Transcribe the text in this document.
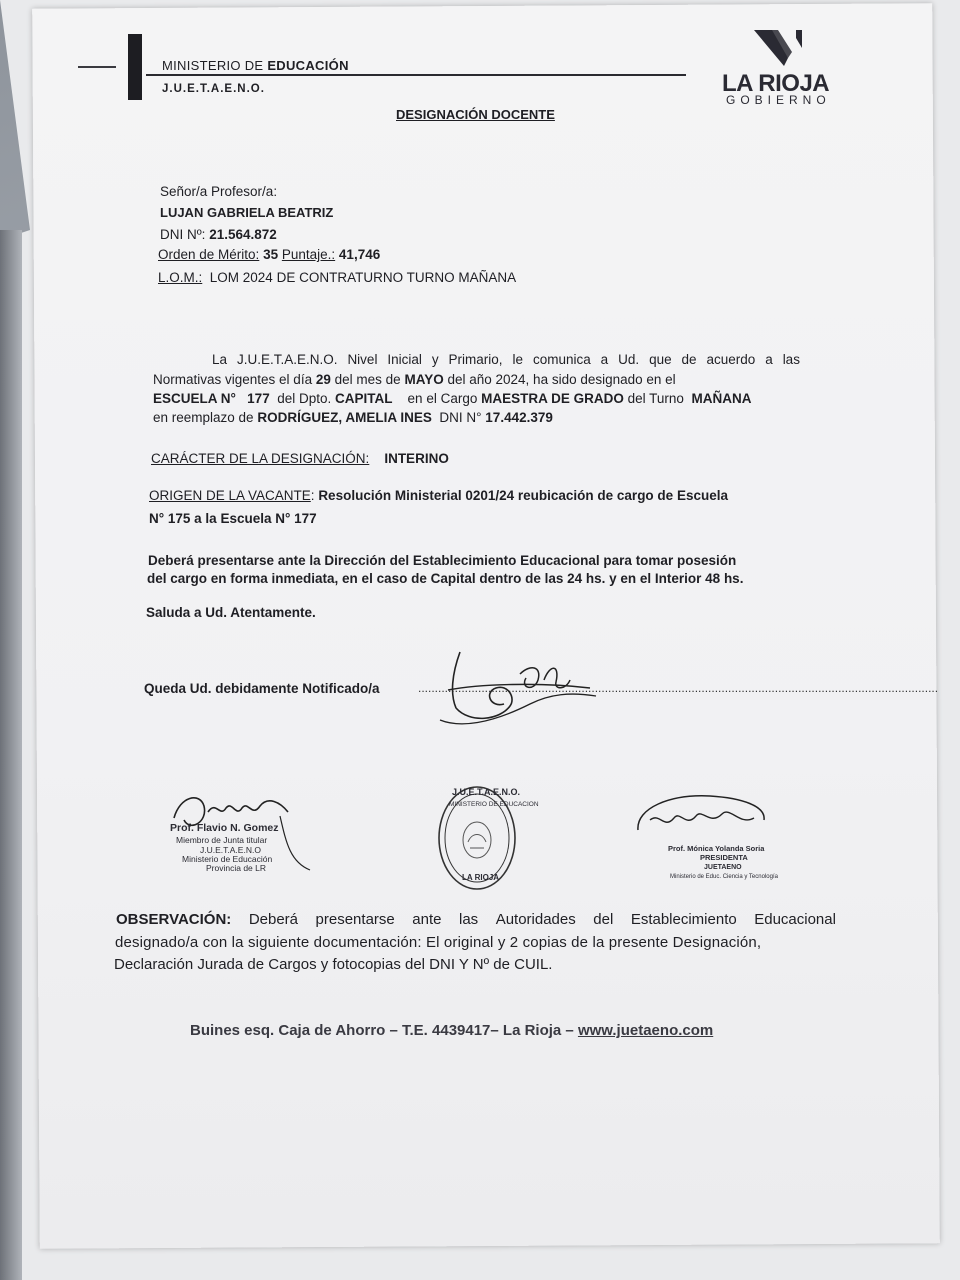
MINISTERIO DE EDUCACIÓN
J.U.E.T.A.E.N.O.	LA RIOJA
GOBIERNO
DESIGNACIÓN DOCENTE
Señor/a Profesor/a:
LUJAN GABRIELA BEATRIZ
DNI Nº: 21.564.872
Orden de Mérito: 35 Puntaje.: 41,746
L.O.M.: LOM 2024 DE CONTRATURNO TURNO MAÑANA
La J.U.E.T.A.E.N.O. Nivel Inicial y Primario, le comunica a Ud. que de acuerdo a las
Normativas vigentes el día 29 del mes de MAYO del año 2024, ha sido designado en el
ESCUELA N° 177 del Dpto. CAPITAL en el Cargo MAESTRA DE GRADO del Turno MAÑANA
en reemplazo de RODRÍGUEZ, AMELIA INES DNI N° 17.442.379
CARÁCTER DE LA DESIGNACIÓN: INTERINO
ORIGEN DE LA VACANTE: Resolución Ministerial 0201/24 reubicación de cargo de Escuela
N° 175 a la Escuela N° 177
Deberá presentarse ante la Dirección del Establecimiento Educacional para tomar posesión
del cargo en forma inmediata, en el caso de Capital dentro de las 24 hs. y en el Interior 48 hs.
Saluda a Ud. Atentamente.
Queda Ud. debidamente Notificado/a	............................................................................................................................................................
Prof. Flavio N. Gomez
Miembro de Junta titular
J.U.E.T.A.E.N.O
Ministerio de Educación
Provincia de LR
J.U.E.T.A.E.N.O.
MINISTERIO DE EDUCACION
LA RIOJA
Prof. Mónica Yolanda Soria
PRESIDENTA
JUETAENO
Ministerio de Educ. Ciencia y Tecnología
OBSERVACIÓN: Deberá presentarse ante las Autoridades del Establecimiento Educacional
designado/a con la siguiente documentación: El original y 2 copias de la presente Designación,
Declaración Jurada de Cargos y fotocopias del DNI Y Nº de CUIL.
Buines esq. Caja de Ahorro – T.E. 4439417– La Rioja – www.juetaeno.com
